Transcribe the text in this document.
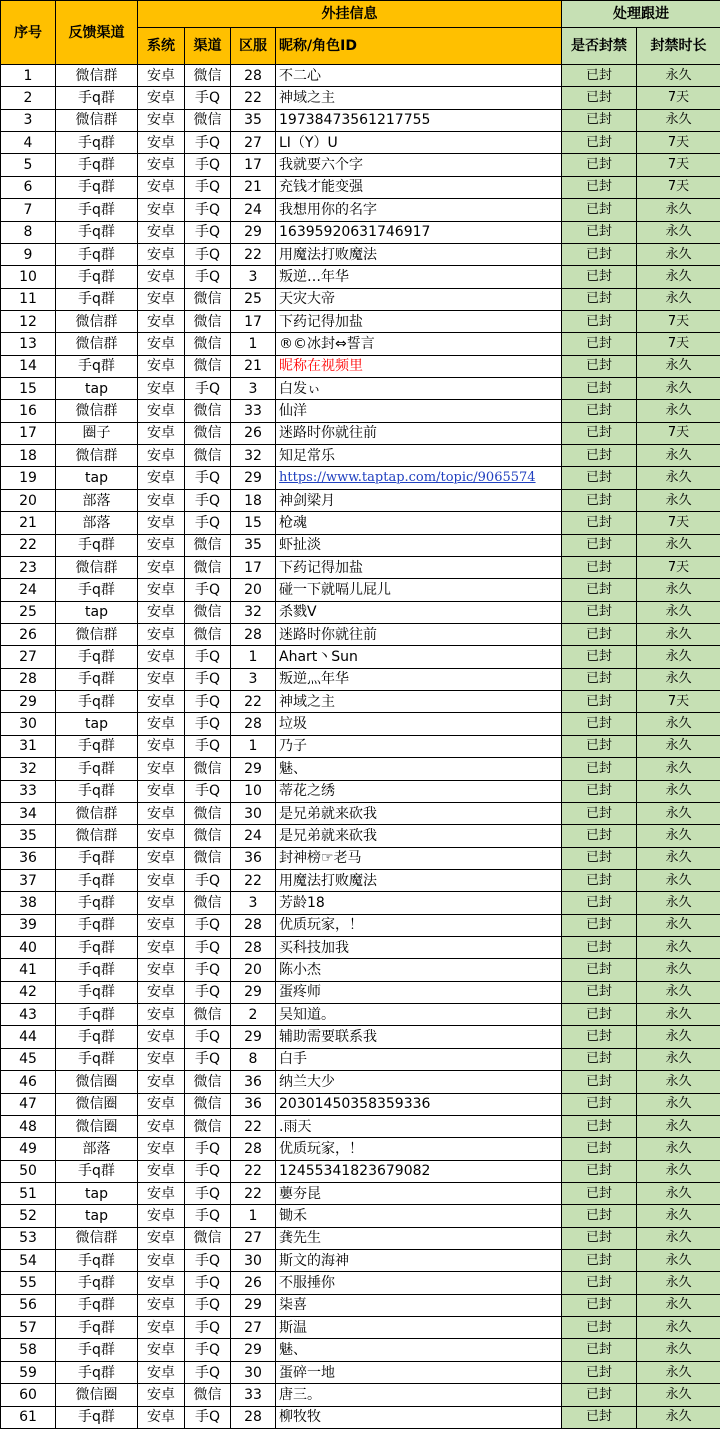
序号	反馈渠道	外挂信息				处理跟进	
		系统	渠道	区服	昵称/角色ID	是否封禁	封禁时长
1	微信群	安卓	微信	28	不二心	已封	永久
2	手q群	安卓	手Q	22	神域之主	已封	7天
3	微信群	安卓	微信	35	19738473561217755	已封	永久
4	手q群	安卓	手Q	27	LI（Y）U	已封	7天
5	手q群	安卓	手Q	17	我就要六个字	已封	7天
6	手q群	安卓	手Q	21	充钱才能变强	已封	7天
7	手q群	安卓	手Q	24	我想用你的名字	已封	永久
8	手q群	安卓	手Q	29	16395920631746917	已封	永久
9	手q群	安卓	手Q	22	用魔法打败魔法	已封	永久
10	手q群	安卓	手Q	3	叛逆…年华	已封	永久
11	手q群	安卓	微信	25	天灾大帝	已封	永久
12	微信群	安卓	微信	17	下药记得加盐	已封	7天
13	微信群	安卓	微信	1	®©冰封⇔誓言	已封	7天
14	手q群	安卓	微信	21	昵称在视频里	已封	永久
15	tap	安卓	手Q	3	白发ぃ	已封	永久
16	微信群	安卓	微信	33	仙洋	已封	永久
17	圈子	安卓	微信	26	迷路时你就往前	已封	7天
18	微信群	安卓	微信	32	知足常乐	已封	永久
19	tap	安卓	手Q	29	https://www.taptap.com/topic/9065574	已封	永久
20	部落	安卓	手Q	18	神剑梁月	已封	永久
21	部落	安卓	手Q	15	枪魂	已封	7天
22	手q群	安卓	微信	35	虾扯淡	已封	永久
23	微信群	安卓	微信	17	下药记得加盐	已封	7天
24	手q群	安卓	手Q	20	碰一下就嗝儿屁儿	已封	永久
25	tap	安卓	微信	32	杀戮V	已封	永久
26	微信群	安卓	微信	28	迷路时你就往前	已封	永久
27	手q群	安卓	手Q	1	Ahart丶Sun	已封	永久
28	手q群	安卓	手Q	3	叛逆灬年华	已封	永久
29	手q群	安卓	手Q	22	神域之主	已封	7天
30	tap	安卓	手Q	28	垃圾	已封	永久
31	手q群	安卓	手Q	1	乃子	已封	永久
32	手q群	安卓	微信	29	魅、	已封	永久
33	手q群	安卓	手Q	10	蒂花之绣	已封	永久
34	微信群	安卓	微信	30	是兄弟就来砍我	已封	永久
35	微信群	安卓	微信	24	是兄弟就来砍我	已封	永久
36	手q群	安卓	微信	36	封神榜☞老马	已封	永久
37	手q群	安卓	手Q	22	用魔法打败魔法	已封	永久
38	手q群	安卓	微信	3	芳龄18	已封	永久
39	手q群	安卓	手Q	28	优质玩家，！	已封	永久
40	手q群	安卓	手Q	28	买科技加我	已封	永久
41	手q群	安卓	手Q	20	陈小杰	已封	永久
42	手q群	安卓	手Q	29	蛋疼师	已封	永久
43	手q群	安卓	微信	2	吴知道。	已封	永久
44	手q群	安卓	手Q	29	辅助需要联系我	已封	永久
45	手q群	安卓	手Q	8	白手	已封	永久
46	微信圈	安卓	微信	36	纳兰大少	已封	永久
47	微信圈	安卓	微信	36	20301450358359336	已封	永久
48	微信圈	安卓	微信	22	.雨天	已封	永久
49	部落	安卓	手Q	28	优质玩家，！	已封	永久
50	手q群	安卓	手Q	22	12455341823679082	已封	永久
51	tap	安卓	手Q	22	蘡夯昆	已封	永久
52	tap	安卓	手Q	1	锄禾	已封	永久
53	微信群	安卓	微信	27	龚先生	已封	永久
54	手q群	安卓	手Q	30	斯文的海神	已封	永久
55	手q群	安卓	手Q	26	不服捶你	已封	永久
56	手q群	安卓	手Q	29	柒喜	已封	永久
57	手q群	安卓	手Q	27	斯温	已封	永久
58	手q群	安卓	手Q	29	魅、	已封	永久
59	手q群	安卓	手Q	30	蛋碎一地	已封	永久
60	微信圈	安卓	微信	33	唐三。	已封	永久
61	手q群	安卓	手Q	28	柳牧牧	已封	永久
